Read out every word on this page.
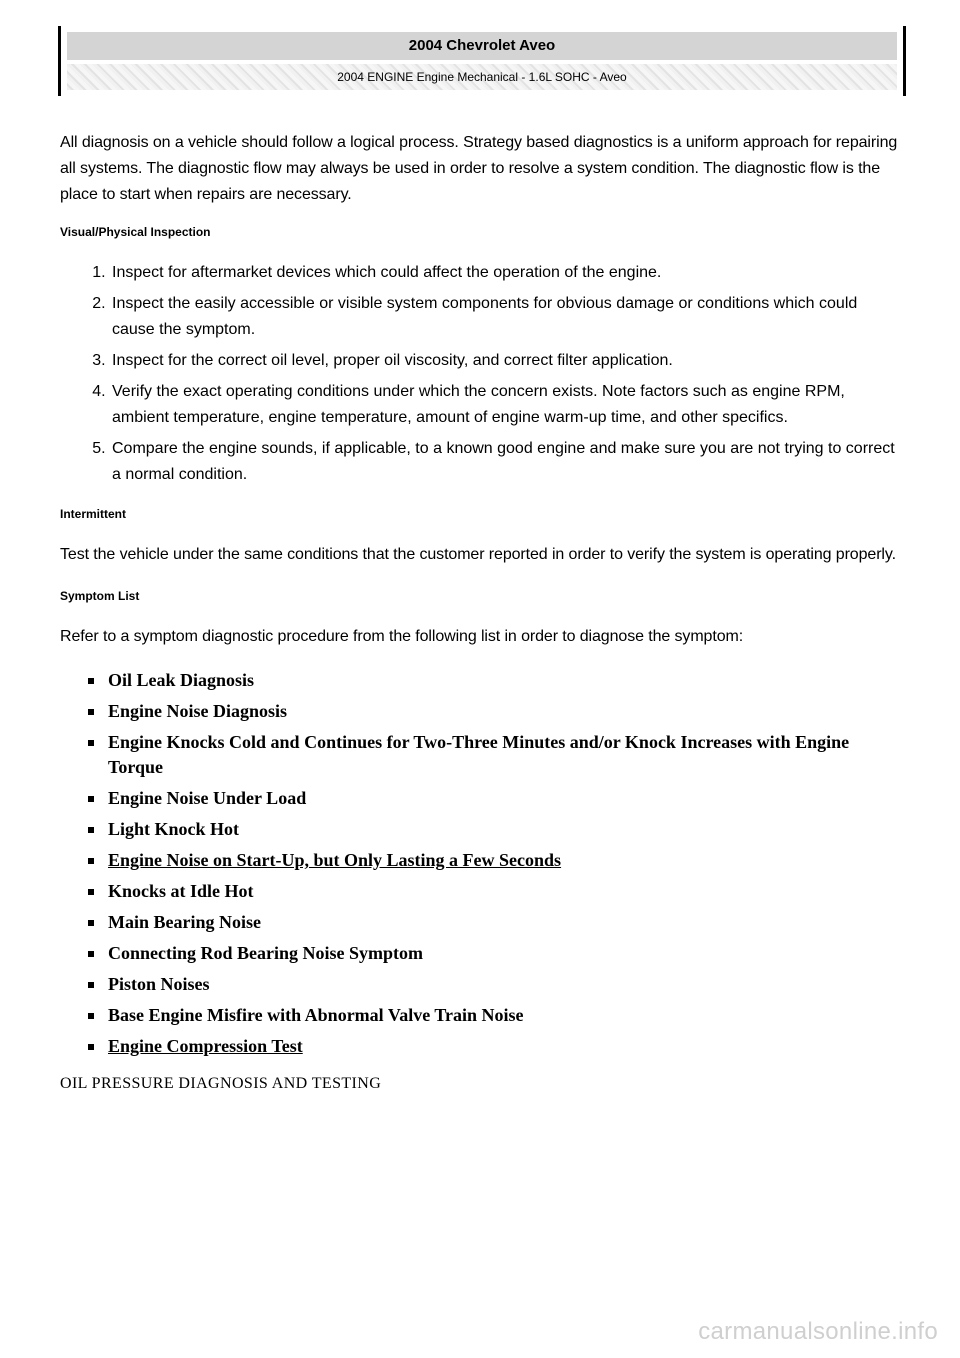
2004 Chevrolet Aveo
2004 ENGINE Engine Mechanical - 1.6L SOHC - Aveo

All diagnosis on a vehicle should follow a logical process. Strategy based diagnostics is a uniform approach for repairing all systems. The diagnostic flow may always be used in order to resolve a system condition. The diagnostic flow is the place to start when repairs are necessary.

Visual/Physical Inspection

1. Inspect for aftermarket devices which could affect the operation of the engine.
2. Inspect the easily accessible or visible system components for obvious damage or conditions which could cause the symptom.
3. Inspect for the correct oil level, proper oil viscosity, and correct filter application.
4. Verify the exact operating conditions under which the concern exists. Note factors such as engine RPM, ambient temperature, engine temperature, amount of engine warm-up time, and other specifics.
5. Compare the engine sounds, if applicable, to a known good engine and make sure you are not trying to correct a normal condition.

Intermittent

Test the vehicle under the same conditions that the customer reported in order to verify the system is operating properly.

Symptom List

Refer to a symptom diagnostic procedure from the following list in order to diagnose the symptom:

Oil Leak Diagnosis
Engine Noise Diagnosis
Engine Knocks Cold and Continues for Two-Three Minutes and/or Knock Increases with Engine Torque
Engine Noise Under Load
Light Knock Hot
Engine Noise on Start-Up, but Only Lasting a Few Seconds
Knocks at Idle Hot
Main Bearing Noise
Connecting Rod Bearing Noise Symptom
Piston Noises
Base Engine Misfire with Abnormal Valve Train Noise
Engine Compression Test

OIL PRESSURE DIAGNOSIS AND TESTING

carmanualsonline.info
